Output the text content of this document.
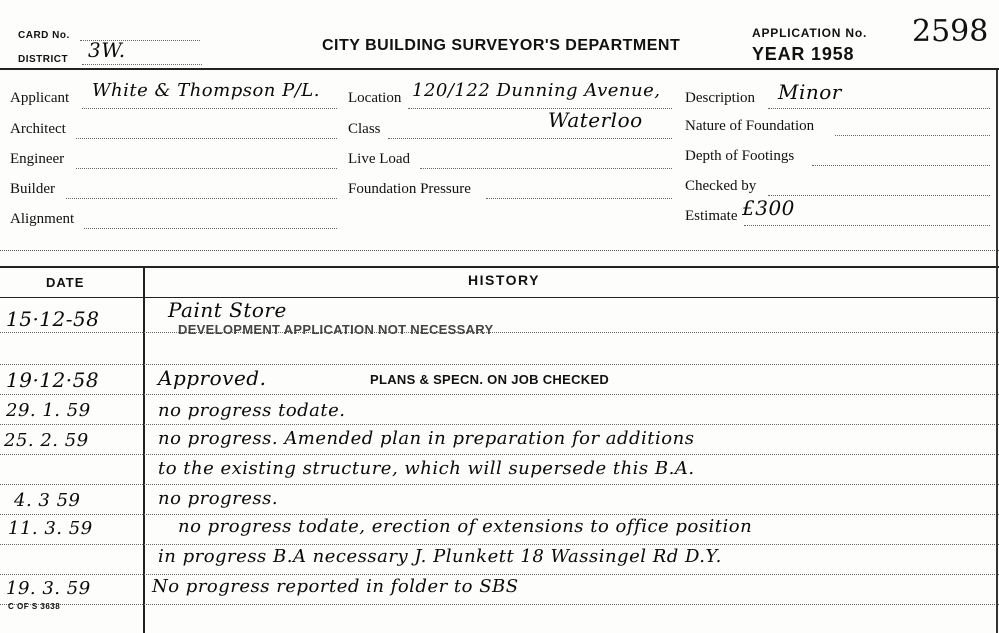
CARD No.
DISTRICT 3W.	CITY BUILDING SURVEYOR'S DEPARTMENT
APPLICATION No. 2598
YEAR 1958
Applicant White & Thompson P/L.
Architect
Engineer
Builder
Alignment
Location 120/122 Dunning Avenue,
Class	Waterloo
Live Load
Foundation Pressure
Description Minor
Nature of Foundation
Depth of Footings
Checked by
Estimate £300
DATE	HISTORY
15·12-58	Paint Store
DEVELOPMENT APPLICATION NOT NECESSARY
19·12·58	Approved.	PLANS & SPECN. ON JOB CHECKED
29. 1. 59	no progress todate.
25. 2. 59	no progress. Amended plan in preparation for additions
to the existing structure, which will supersede this B.A.
4. 3 59	no progress.
11. 3. 59	no progress todate, erection of extensions to office position
in progress B.A necessary J. Plunkett 18 Wassingel Rd D.Y.
19. 3. 59	No progress reported in folder to SBS
C OF S 3638
